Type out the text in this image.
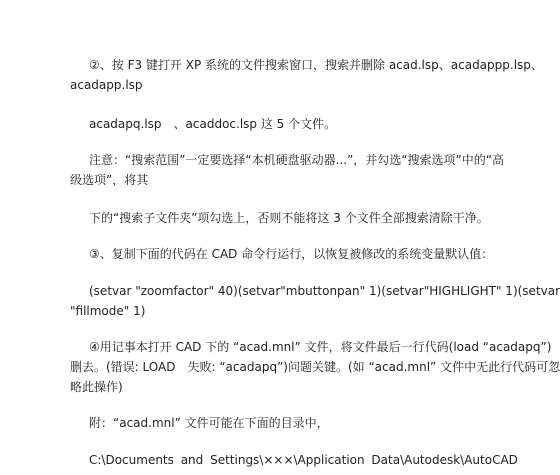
②、按 F3 键打开 XP 系统的文件搜索窗口，搜索并删除 acad.lsp、acadappp.lsp、
acadapp.lsp
acadapq.lsp　、acaddoc.lsp 这 5 个文件。
注意：“搜索范围”一定要选择“本机硬盘驱动器...”，并勾选“搜索选项”中的“高
级选项”，将其
下的“搜索子文件夹”项勾选上，否则不能将这 3 个文件全部搜索清除干净。
③、复制下面的代码在 CAD 命令行运行，以恢复被修改的系统变量默认值：
(setvar "zoomfactor" 40)(setvar"mbuttonpan" 1)(setvar"HIGHLIGHT" 1)(setvar
"fillmode" 1)
④用记事本打开 CAD 下的 “acad.mnl” 文件，将文件最后一行代码(load “acadapq”)
删去。(错误: LOAD　失败: “acadapq”)问题关键。(如 “acad.mnl” 文件中无此行代码可忽
略此操作)
附：“acad.mnl” 文件可能在下面的目录中，
C:\Documents and Settings\×××\Application Data\Autodesk\AutoCAD
